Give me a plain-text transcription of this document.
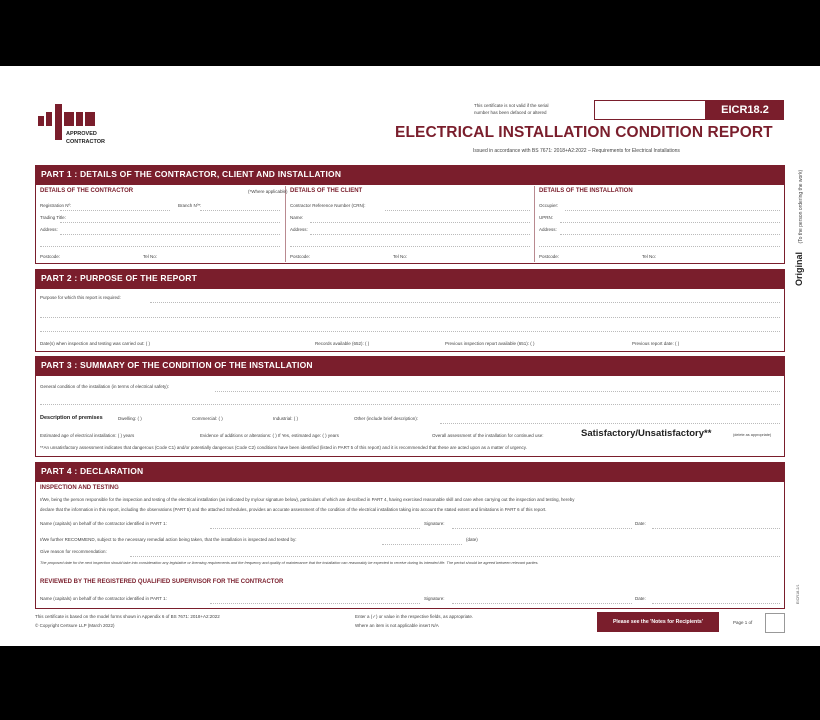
APPROVED
CONTRACTOR
This certificate is not valid if the serial
number has been defaced or altered	EICR18.2
ELECTRICAL INSTALLATION CONDITION REPORT
Issued in accordance with BS 7671: 2018+A2:2022 – Requirements for Electrical Installations
Original (To the person ordering the work)
PART 1 : DETAILS OF THE CONTRACTOR, CLIENT AND INSTALLATION
DETAILS OF THE CONTRACTOR	(*Where applicable)
Registration Nº:	Branch Nº*:
Trading Title:
Address:
Postcode:	Tel No:
DETAILS OF THE CLIENT
Contractor Reference Number (CRN):
Name:
Address:
Postcode:	Tel No:
DETAILS OF THE INSTALLATION
Occupier:
UPRN:
Address:
Postcode:	Tel No:
PART 2 : PURPOSE OF THE REPORT
Purpose for which this report is required:
Date(s) when inspection and testing was carried out: ( )	Records available (652): ( )	Previous inspection report available (651): ( )	Previous report date: ( )
PART 3 : SUMMARY OF THE CONDITION OF THE INSTALLATION
General condition of the installation (in terms of electrical safety):
Description of premises	Dwelling: ( )	Commercial: ( )	Industrial: ( )	Other (include brief description):
Estimated age of electrical installation: ( ) years	Evidence of additions or alterations: ( ) If Yes, estimated age: ( ) years	Overall assessment of the installation for continued use:	Satisfactory/Unsatisfactory**	(delete as appropriate)
**An unsatisfactory assessment indicates that dangerous (Code C1) and/or potentially dangerous (Code C2) conditions have been identified (listed in PART 5 of this report) and it is recommended that these are acted upon as a matter of urgency.
PART 4 : DECLARATION
INSPECTION AND TESTING
I/We, being the person responsible for the inspection and testing of the electrical installation (as indicated by my/our signature below), particulars of which are described in PART 4, having exercised reasonable skill and care when carrying out the inspection and testing, hereby
declare that the information in this report, including the observations (PART 5) and the attached Schedules, provides an accurate assessment of the condition of the electrical installation taking into account the stated extent and limitations in PART 6 of this report.
Name (capitals) on behalf of the contractor identified in PART 1:	Signature:	Date:
I/We further RECOMMEND, subject to the necessary remedial action being taken, that the installation is inspected and tested by:	(date)
Give reason for recommendation:
The proposed date for the next inspection should take into consideration any legislative or licensing requirements and the frequency and quality of maintenance that the installation can reasonably be expected to receive during its intended life. The period should be agreed between relevant parties.
REVIEWED BY THE REGISTERED QUALIFIED SUPERVISOR FOR THE CONTRACTOR
Name (capitals) on behalf of the contractor identified in PART 1:	Signature:	Date:
This certificate is based on the model forms shown in Appendix 6 of BS 7671: 2018+A2:2022
© Copyright Certsure LLP (March 2022)
Enter a (✓) or value in the respective fields, as appropriate.
Where an item is not applicable insert N/A
Please see the 'Notes for Recipients'	Page 1 of
EICR18.2/1
